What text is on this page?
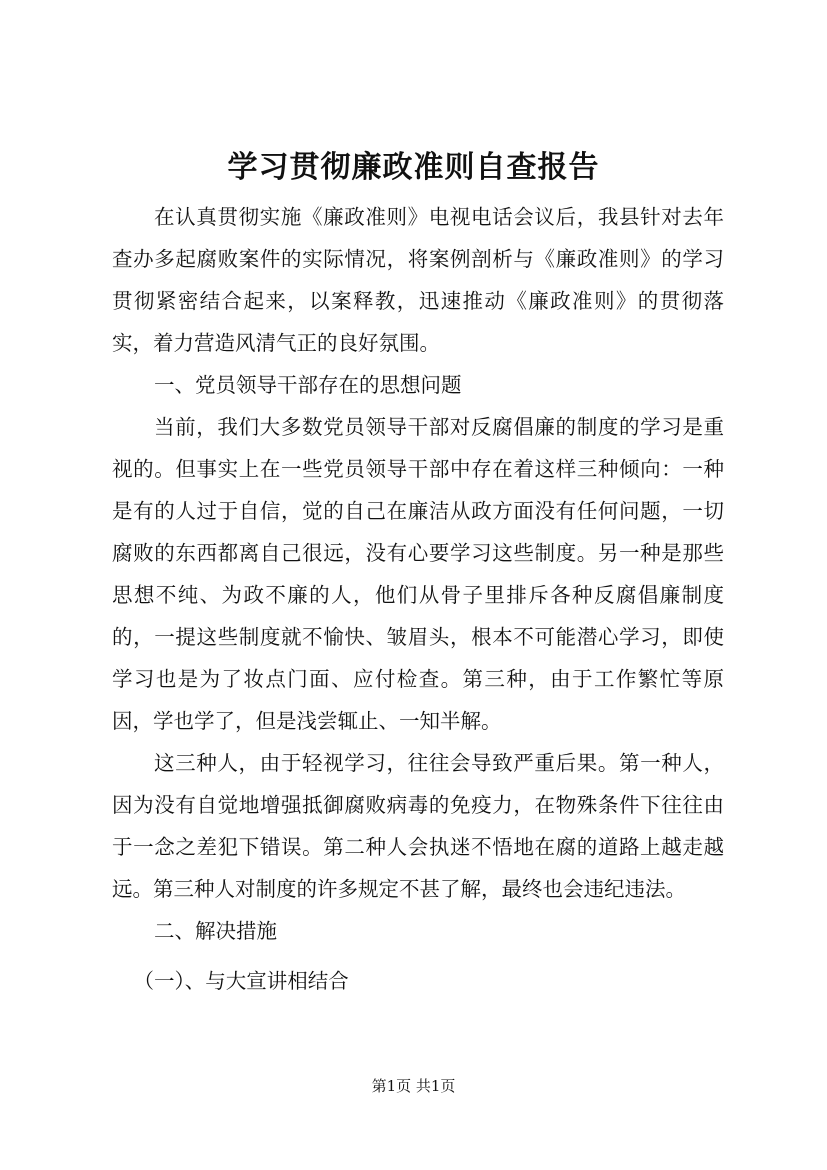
学习贯彻廉政准则自查报告

在认真贯彻实施《廉政准则》电视电话会议后，我县针对去年查办多起腐败案件的实际情况，将案例剖析与《廉政准则》的学习贯彻紧密结合起来，以案释教，迅速推动《廉政准则》的贯彻落实，着力营造风清气正的良好氛围。

一、党员领导干部存在的思想问题

当前，我们大多数党员领导干部对反腐倡廉的制度的学习是重视的。但事实上在一些党员领导干部中存在着这样三种倾向：一种是有的人过于自信，觉的自己在廉洁从政方面没有任何问题，一切腐败的东西都离自己很远，没有心要学习这些制度。另一种是那些思想不纯、为政不廉的人，他们从骨子里排斥各种反腐倡廉制度的，一提这些制度就不愉快、皱眉头，根本不可能潜心学习，即使学习也是为了妆点门面、应付检查。第三种，由于工作繁忙等原因，学也学了，但是浅尝辄止、一知半解。

这三种人，由于轻视学习，往往会导致严重后果。第一种人，因为没有自觉地增强抵御腐败病毒的免疫力，在物殊条件下往往由于一念之差犯下错误。第二种人会执迷不悟地在腐的道路上越走越远。第三种人对制度的许多规定不甚了解，最终也会违纪违法。

二、解决措施

（一）、与大宣讲相结合

第1页 共1页
